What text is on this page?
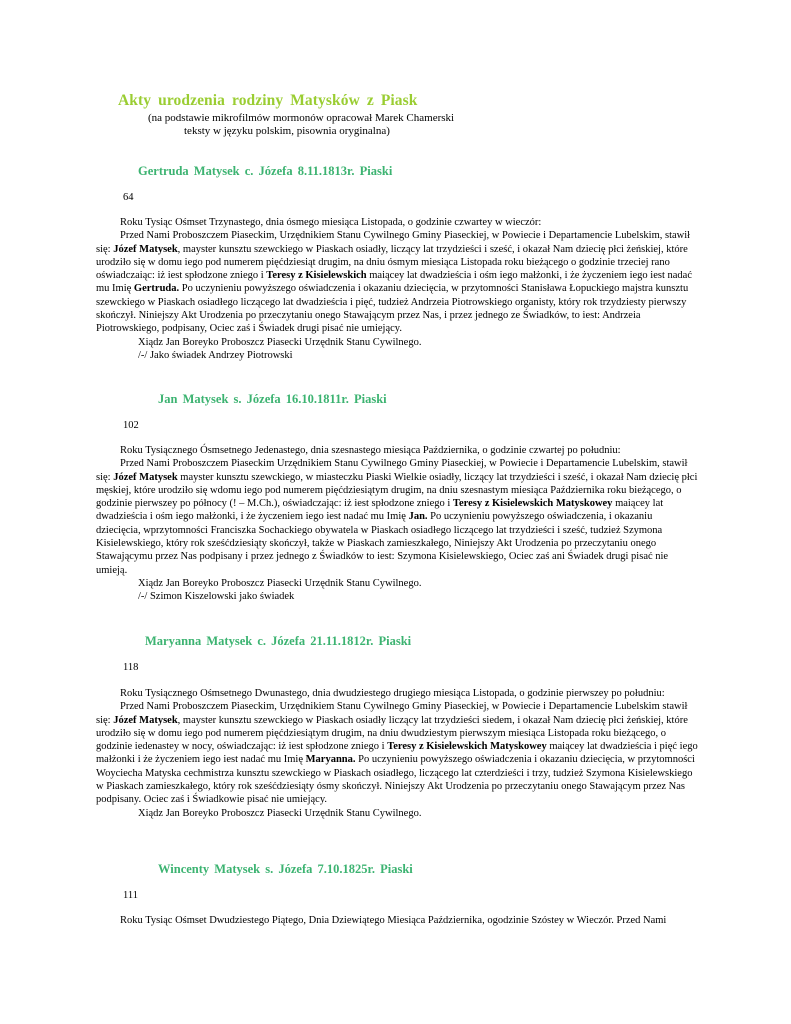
Akty urodzenia rodziny Matysków z Piask
(na podstawie mikrofilmów mormonów opracował Marek Chamerski
teksty w języku polskim, pisownia oryginalna)
Gertruda Matysek c. Józefa 8.11.1813r. Piaski
64

Roku Tysiąc Ośmset Trzynastego, dnia ósmego miesiąca Listopada, o godzinie czwartey w wieczór:

Przed Nami Proboszczem Piaseckim, Urzędnikiem Stanu Cywilnego Gminy Piaseckiej, w Powiecie i Departamencie Lubelskim, stawił się: Józef Matysek, mayster kunsztu szewckiego w Piaskach osiadły, liczący lat trzydzieści i sześć, i okazał Nam dziecię płci żeńskiej, które urodziło się w domu iego pod numerem pięćdziesiąt drugim, na dniu ósmym miesiąca Listopada roku bieżącego o godzinie trzeciej rano oświadczaiąc: iż iest spłodzone zniego i Teresy z Kisielewskich maiącey lat dwadzieścia i ośm iego małżonki, i że życzeniem iego iest nadać mu Imię Gertruda. Po uczynieniu powyższego oświadczenia i okazaniu dziecięcia, w przytomności Stanisława Łopuckiego majstra kunsztu szewckiego w Piaskach osiadłego liczącego lat dwadzieścia i pięć, tudzież Andrzeia Piotrowskiego organisty, który rok trzydziesty pierwszy skończył. Niniejszy Akt Urodzenia po przeczytaniu onego Stawającym przez Nas, i przez jednego ze Świadków, to iest: Andrzeia Piotrowskiego, podpisany, Ociec zaś i Świadek drugi pisać nie umiejący.

Xiądz Jan Boreyko Proboszcz Piasecki Urzędnik Stanu Cywilnego.

/-/ Jako świadek Andrzey Piotrowski

Jan Matysek s. Józefa 16.10.1811r. Piaski
102

Roku Tysiącznego Ósmsetnego Jedenastego, dnia szesnastego miesiąca Października, o godzinie czwartej po południu:

Przed Nami Proboszczem Piaseckim Urzędnikiem Stanu Cywilnego Gminy Piaseckiej, w Powiecie i Departamencie Lubelskim, stawił się: Józef Matysek mayster kunsztu szewckiego, w miasteczku Piaski Wielkie osiadły, liczący lat trzydzieści i sześć, i okazał Nam dziecię płci męskiej, które urodziło się wdomu iego pod numerem pięćdziesiątym drugim, na dniu szesnastym miesiąca Października roku bieżącego, o godzinie pierwszey po północy (! – M.Ch.), oświadczając: iż iest spłodzone zniego i Teresy z Kisielewskich Matyskowey maiącey lat dwadzieścia i ośm iego małżonki, i że życzeniem iego iest nadać mu Imię Jan. Po uczynieniu powyższego oświadczenia, i okazaniu dziecięcia, wprzytomności Franciszka Sochackiego obywatela w Piaskach osiadłego liczącego lat trzydzieści i sześć, tudzież Szymona Kisielewskiego, który rok sześćdziesiąty skończył, także w Piaskach zamieszkałego, Niniejszy Akt Urodzenia po przeczytaniu onego Stawającymu przez Nas podpisany i przez jednego z Świadków to iest: Szymona Kisielewskiego, Ociec zaś ani Świadek drugi pisać nie umieją.

Xiądz Jan Boreyko Proboszcz Piasecki Urzędnik Stanu Cywilnego.

/-/ Szimon Kiszelowski jako świadek

Maryanna Matysek c. Józefa 21.11.1812r. Piaski
118

Roku Tysiącznego Ośmsetnego Dwunastego, dnia dwudziestego drugiego miesiąca Listopada, o godzinie pierwszey po południu:

Przed Nami Proboszczem Piaseckim, Urzędnikiem Stanu Cywilnego Gminy Piaseckiej, w Powiecie i Departamencie Lubelskim stawił się: Józef Matysek, mayster kunsztu szewckiego w Piaskach osiadły liczący lat trzydzieści siedem, i okazał Nam dziecię płci żeńskiej, które urodziło się w domu iego pod numerem pięćdziesiątym drugim, na dniu dwudziestym pierwszym miesiąca Listopada roku bieżącego, o godzinie iedenastey w nocy, oświadczając: iż iest spłodzone zniego i Teresy z Kisielewskich Matyskowey maiącey lat dwadzieścia i pięć iego małżonki i że życzeniem iego iest nadać mu Imię Maryanna. Po uczynieniu powyższego oświadczenia i okazaniu dziecięcia, w przytomności Woyciecha Matyska cechmistrza kunsztu szewckiego w Piaskach osiadłego, liczącego lat czterdzieści i trzy, tudzież Szymona Kisielewskiego w Piaskach zamieszkałego, który rok sześćdziesiąty ósmy skończył. Niniejszy Akt Urodzenia po przeczytaniu onego Stawającym przez Nas podpisany. Ociec zaś i Świadkowie pisać nie umiejący.

Xiądz Jan Boreyko Proboszcz Piasecki Urzędnik Stanu Cywilnego.

Wincenty Matysek s. Józefa 7.10.1825r. Piaski
111

Roku Tysiąc Ośmset Dwudziestego Piątego, Dnia Dziewiątego Miesiąca Października, ogodzinie Szóstey w Wieczór. Przed Nami
